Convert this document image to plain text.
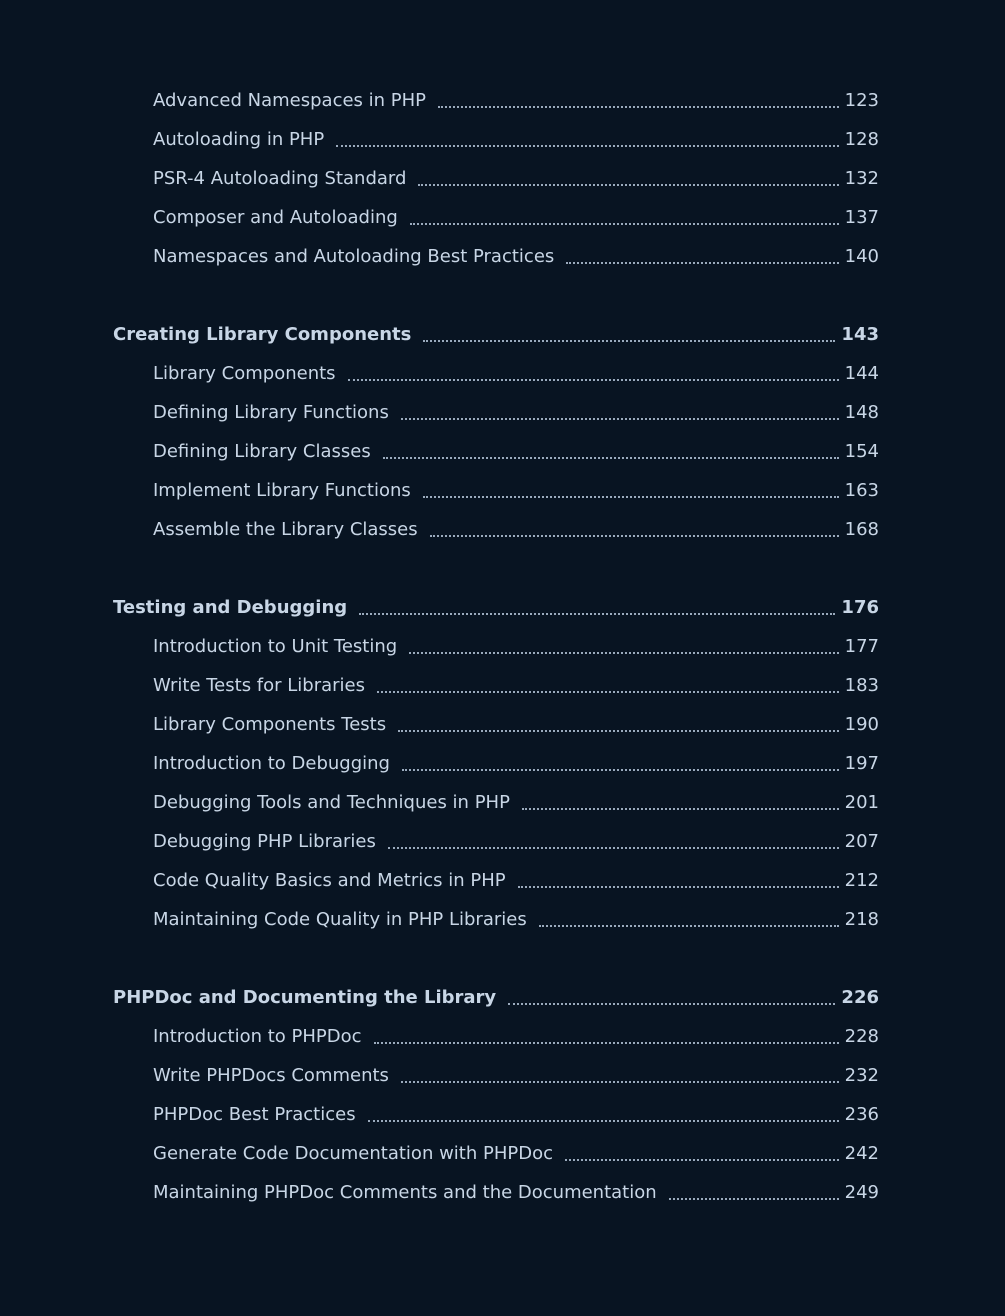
Advanced Namespaces in PHP	123
Autoloading in PHP	128
PSR-4 Autoloading Standard	132
Composer and Autoloading	137
Namespaces and Autoloading Best Practices	140
Creating Library Components	143
Library Components	144
Defining Library Functions	148
Defining Library Classes	154
Implement Library Functions	163
Assemble the Library Classes	168
Testing and Debugging	176
Introduction to Unit Testing	177
Write Tests for Libraries	183
Library Components Tests	190
Introduction to Debugging	197
Debugging Tools and Techniques in PHP	201
Debugging PHP Libraries	207
Code Quality Basics and Metrics in PHP	212
Maintaining Code Quality in PHP Libraries	218
PHPDoc and Documenting the Library	226
Introduction to PHPDoc	228
Write PHPDocs Comments	232
PHPDoc Best Practices	236
Generate Code Documentation with PHPDoc	242
Maintaining PHPDoc Comments and the Documentation	249
